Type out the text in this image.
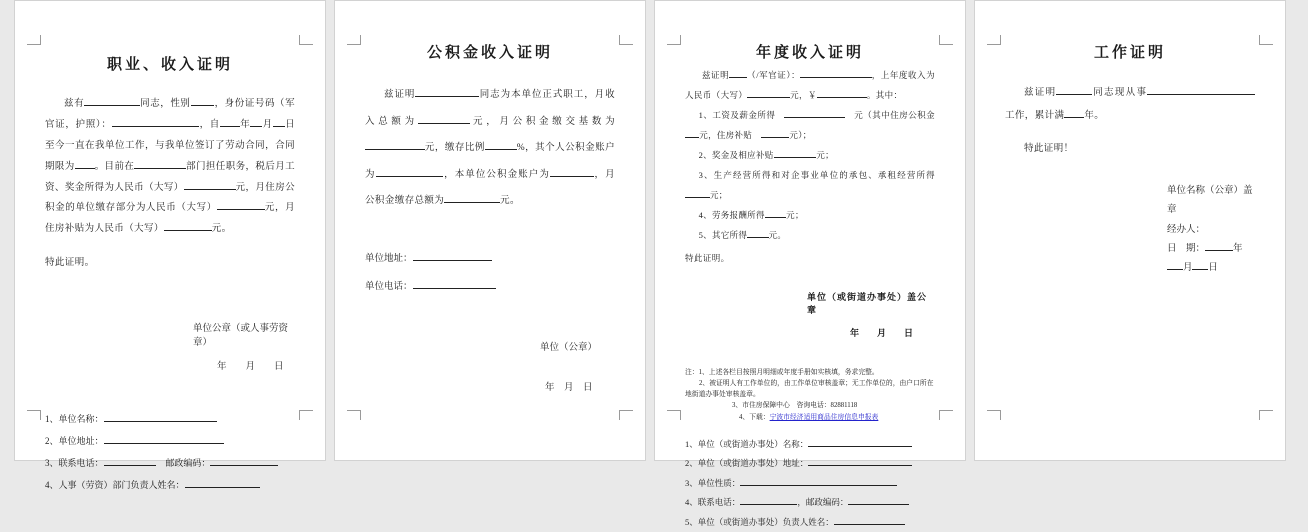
职业、收入证明
兹有	同志，性别	，身份证号码（军官证，护照）：	，自 年 月 日至今一直在我单位工作，与我单位签订了劳动合同，合同期限为 。目前在	部门担任职务，税后月工资、奖金所得为人民币（大写）	元，月住房公积金的单位缴存部分为人民币（大写）	元，月住房补贴为人民币（大写）	元。
特此证明。
单位公章（或人事劳资章）
年　　月　　日
1、单位名称：
2、单位地址：
3、联系电话：	　邮政编码：
4、人事（劳资）部门负责人姓名：
公积金收入证明
兹证明	同志为本单位正式职工，月收入总额为	元，月公积金缴交基数为元，缴存比例	%，其个人公积金账户为	，本单位公积金账户为	，月公积金缴存总额为	元。
单位地址：
单位电话：
单位（公章）
年　月　日
年度收入证明
兹证明 （/军官证）：	，上年度收入为人民币（大写）	元，￥	。其中：
1、工资及薪金所得　	　元（其中住房公积金元，住房补贴　	元）；
2、奖金及相应补贴	元；
3、生产经营所得和对企事业单位的承包、承租经营所得元；
4、劳务报酬所得	元；
5、其它所得	元。
特此证明。
单位（或街道办事处）盖公章
年　　月　　日
注：1、上述各栏目按照月明细或年度手册如实核填，务求完整。
2、被证明人有工作单位的，由工作单位审核盖章；无工作单位的，由户口所在地街道办事处审核盖章。
3、市住房保障中心　咨询电话：82881118
4、下载：宁波市经济适用商品住房信息申报表
1、单位（或街道办事处）名称：
2、单位（或街道办事处）地址：
3、单位性质：
4、联系电话：	，邮政编码：
5、单位（或街道办事处）负责人姓名：
工作证明
兹证明	同志现从事工作，累计满 年。
特此证明！
单位名称（公章）盖章
经办人：
日　期：	年月 日
